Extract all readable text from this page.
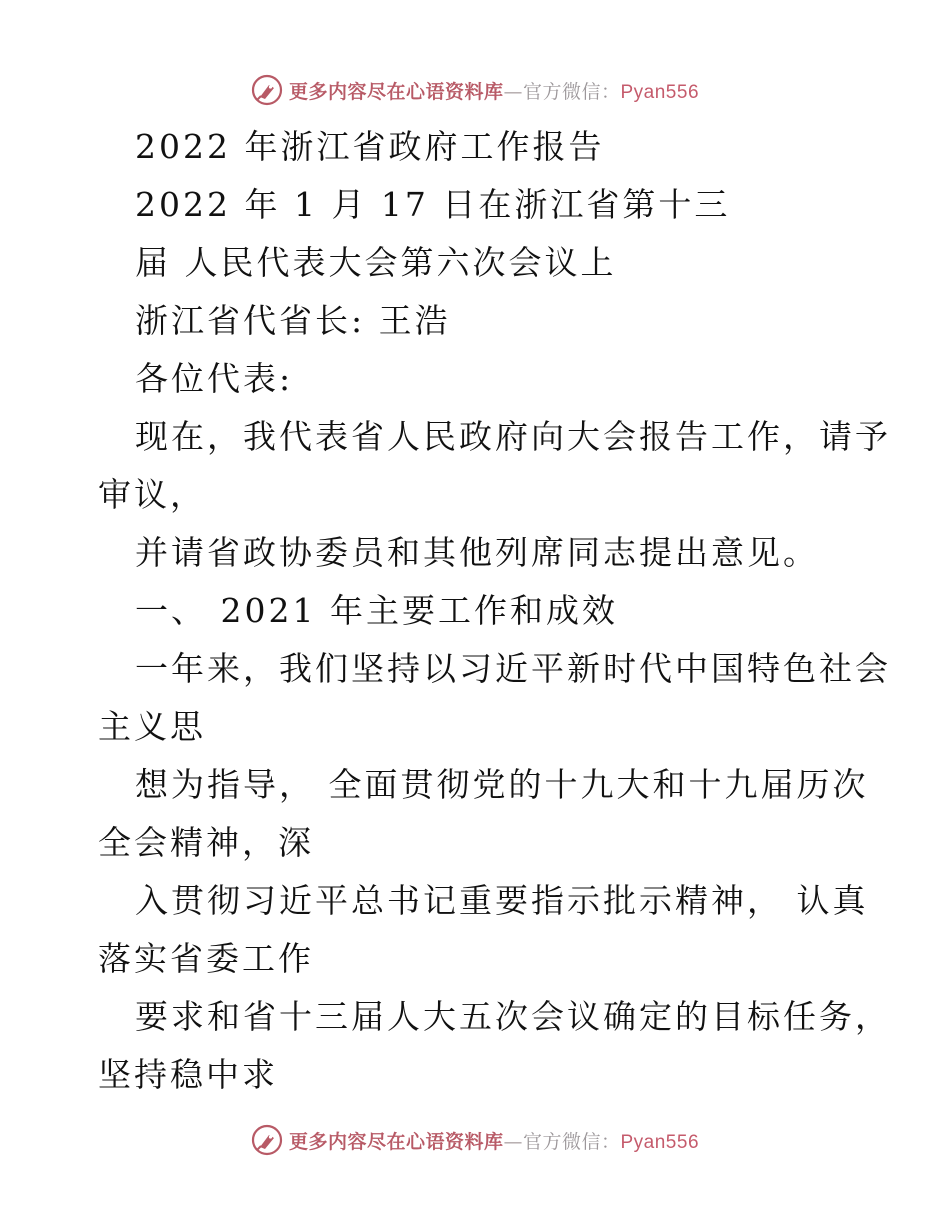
更多内容尽在心语资料库—官方微信：Pyan556
2022 年浙江省政府工作报告
2022 年 1 月 17 日在浙江省第十三
届 人民代表大会第六次会议上
浙江省代省长: 王浩
各位代表:
现在，我代表省人民政府向大会报告工作，请予
审议，
并请省政协委员和其他列席同志提出意见。
一、 2021 年主要工作和成效
一年来，我们坚持以习近平新时代中国特色社会
主义思
想为指导， 全面贯彻党的十九大和十九届历次
全会精神，深
入贯彻习近平总书记重要指示批示精神， 认真
落实省委工作
要求和省十三届人大五次会议确定的目标任务，
坚持稳中求
更多内容尽在心语资料库—官方微信：Pyan556
